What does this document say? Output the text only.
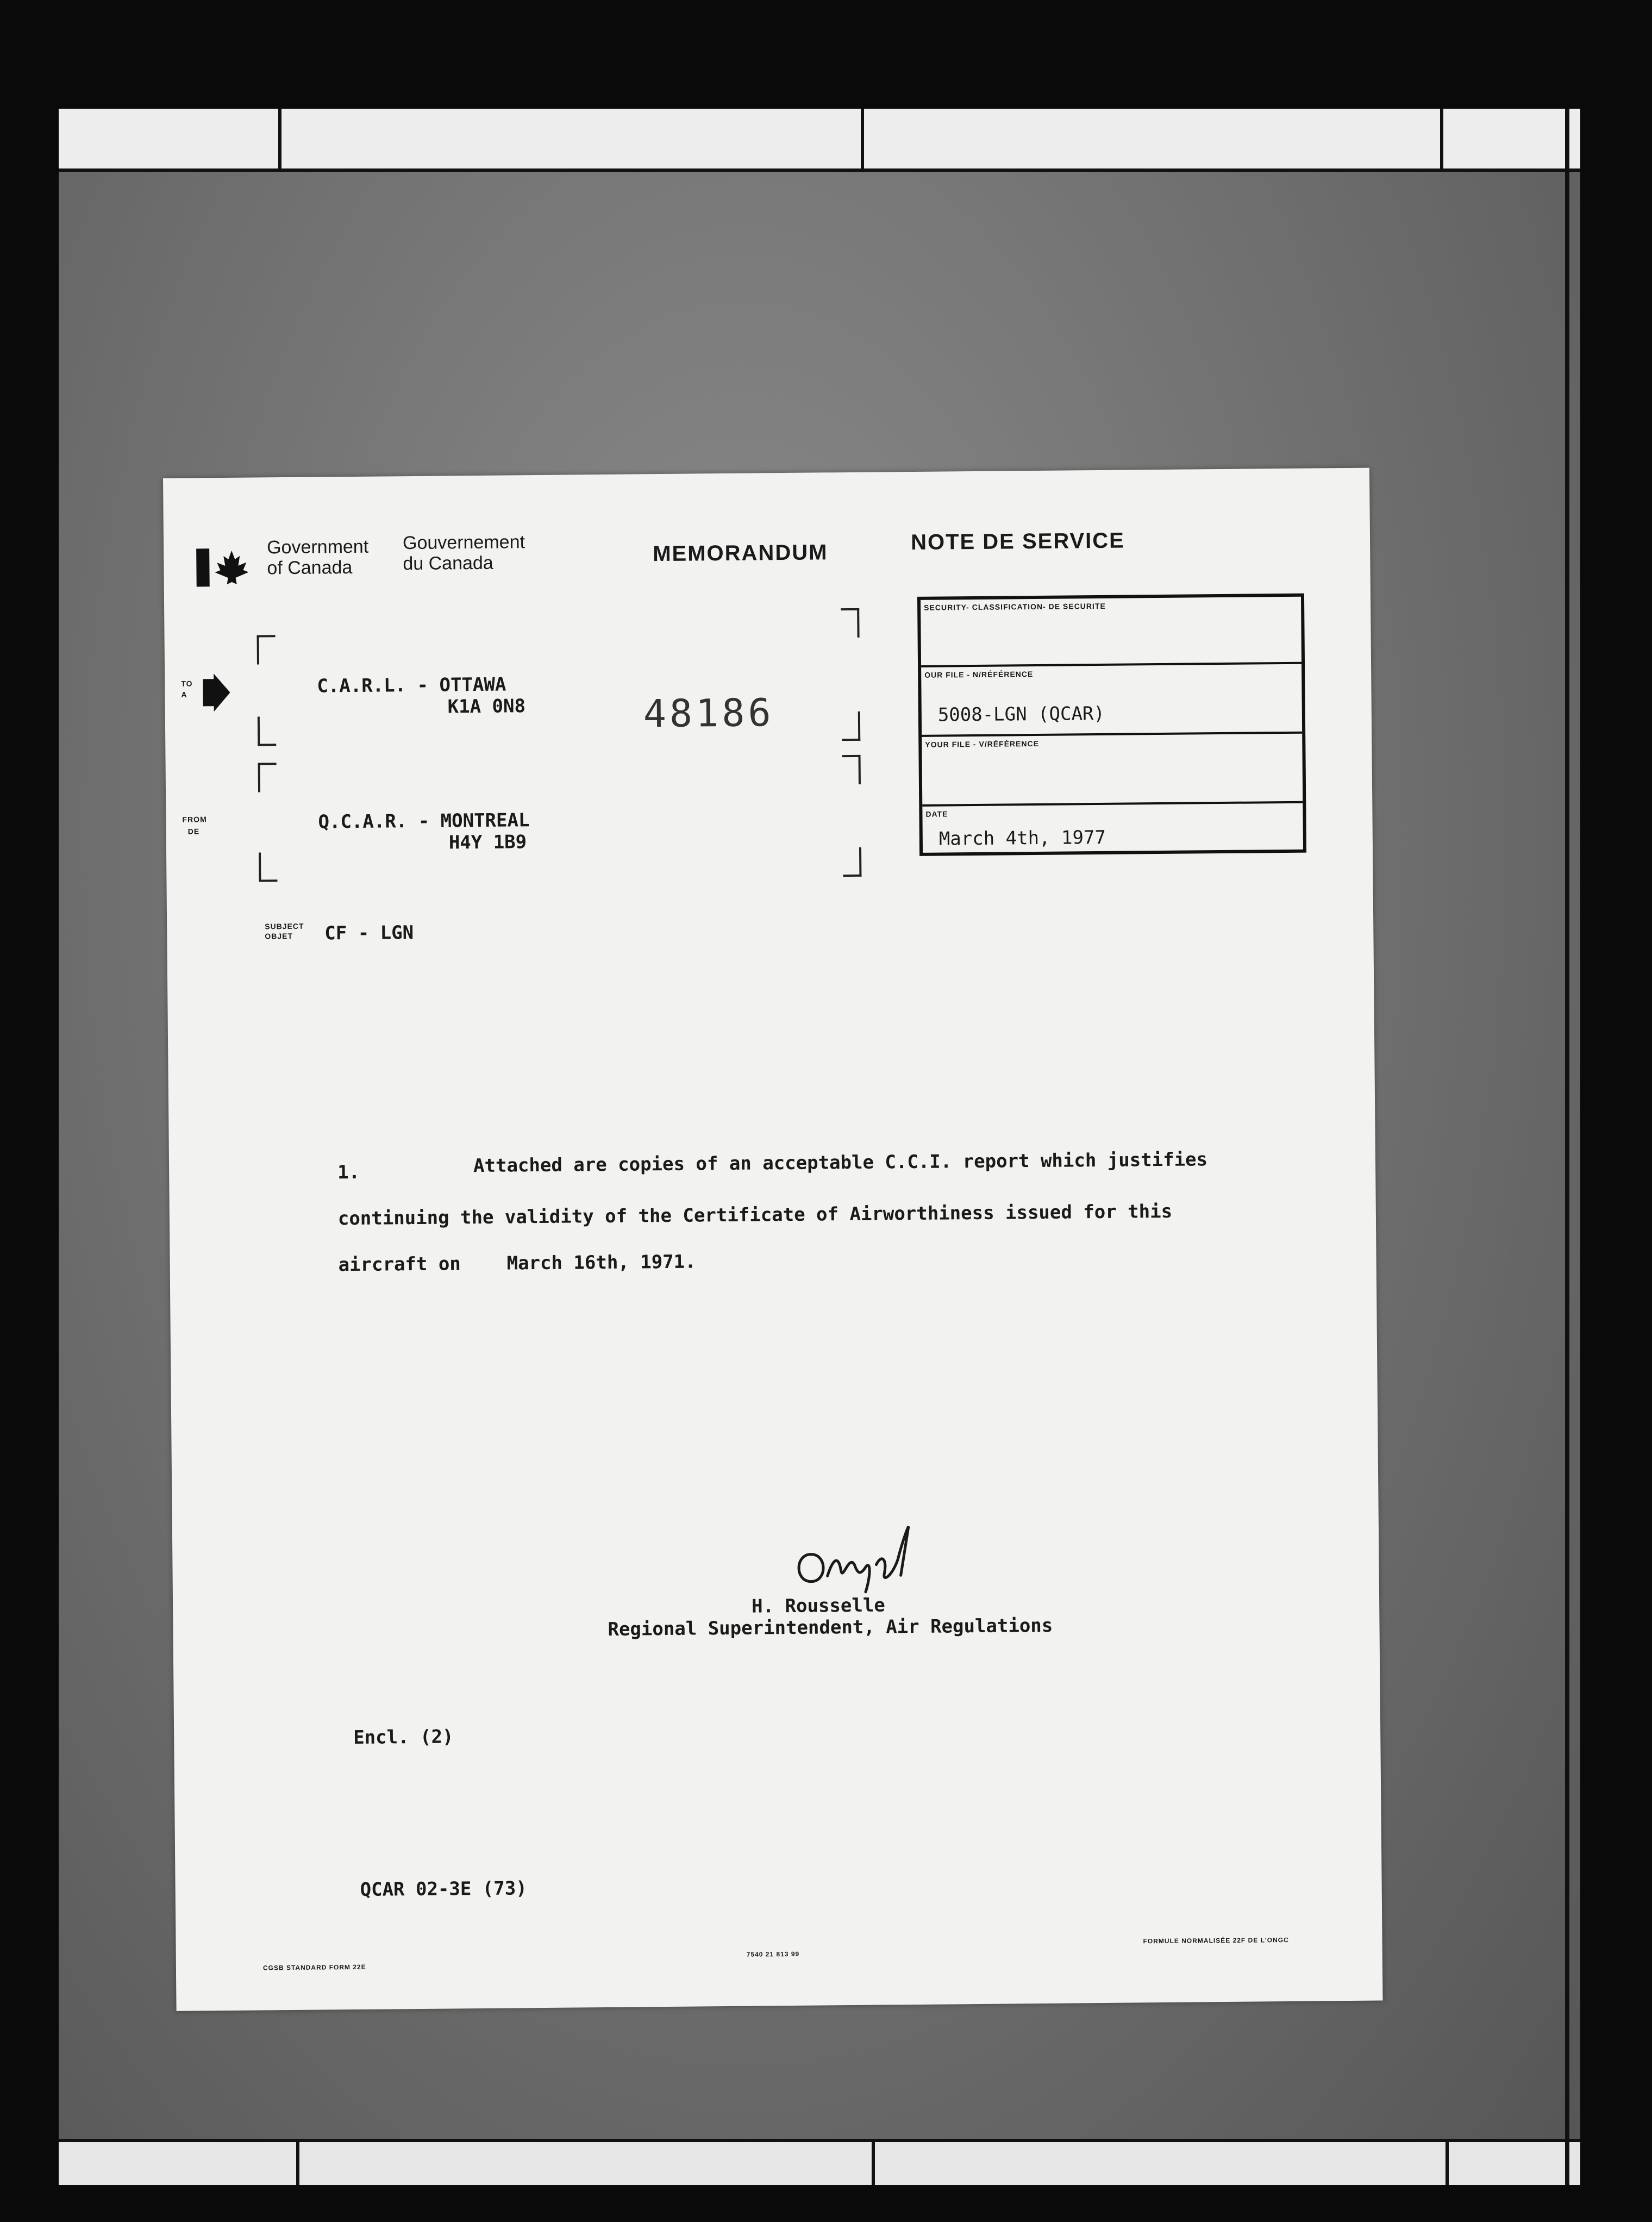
Government
of Canada
Gouvernement
du Canada	MEMORANDUM	NOTE DE SERVICE
TO
A	C.A.R.L. - OTTAWA
K1A 0N8	48186
FROM
DE	Q.C.A.R. - MONTREAL
H4Y 1B9
SUBJECT
OBJET CF - LGN
SECURITY- CLASSIFICATION- DE SECURITE
OUR FILE - N/RÉFÉRENCE
5008-LGN (QCAR)
YOUR FILE - V/RÉFÉRENCE
DATE
March 4th, 1977
1.	Attached are copies of an acceptable C.C.I. report which justifies
continuing the validity of the Certificate of Airworthiness issued for this
aircraft on March 16th, 1971.
H. Rousselle
Regional Superintendent, Air Regulations
Encl. (2)
QCAR 02-3E (73)
CGSB STANDARD FORM 22E
7540 21 813 99
FORMULE NORMALISÉE 22F DE L'ONGC
